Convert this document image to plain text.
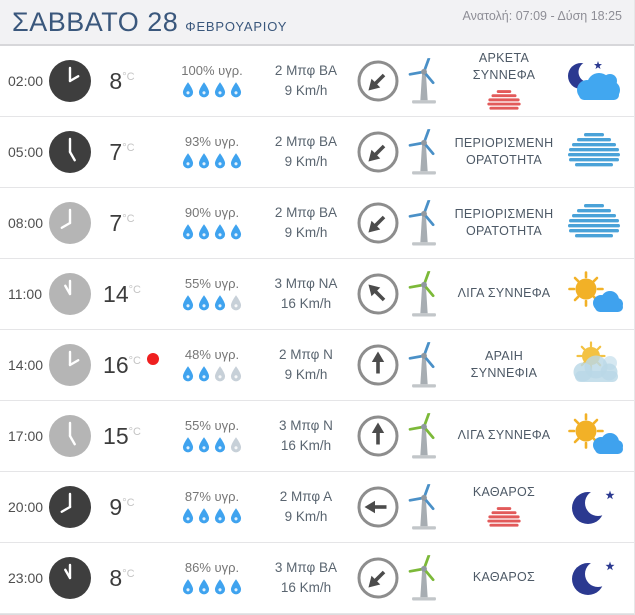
ΣΑΒΒΑΤΟ 28 ΦΕΒΡΟΥΑΡΙΟΥ
Ανατολή: 07:09 - Δύση 18:25
02:00	8°C	100% υγρ.	2 Μπφ ΒΑ
9 Km/h
ΑΡΚΕΤΑ ΣΥΝΝΕΦΑ
05:00	7°C	93% υγρ.	2 Μπφ ΒΑ
9 Km/h
ΠΕΡΙΟΡΙΣΜΕΝΗ ΟΡΑΤΟΤΗΤΑ
08:00	7°C	90% υγρ.	2 Μπφ ΒΑ
9 Km/h
ΠΕΡΙΟΡΙΣΜΕΝΗ ΟΡΑΤΟΤΗΤΑ
11:00	14°C	55% υγρ.	3 Μπφ ΝΑ
16 Km/h
ΛΙΓΑ ΣΥΝΝΕΦΑ
14:00	16°C	48% υγρ.	2 Μπφ Ν
9 Km/h
ΑΡΑΙΗ ΣΥΝΝΕΦΙΑ
17:00	15°C	55% υγρ.	3 Μπφ Ν
16 Km/h
ΛΙΓΑ ΣΥΝΝΕΦΑ
20:00	9°C	87% υγρ.	2 Μπφ Α
9 Km/h
ΚΑΘΑΡΟΣ
23:00	8°C	86% υγρ.	3 Μπφ ΒΑ
16 Km/h
ΚΑΘΑΡΟΣ
